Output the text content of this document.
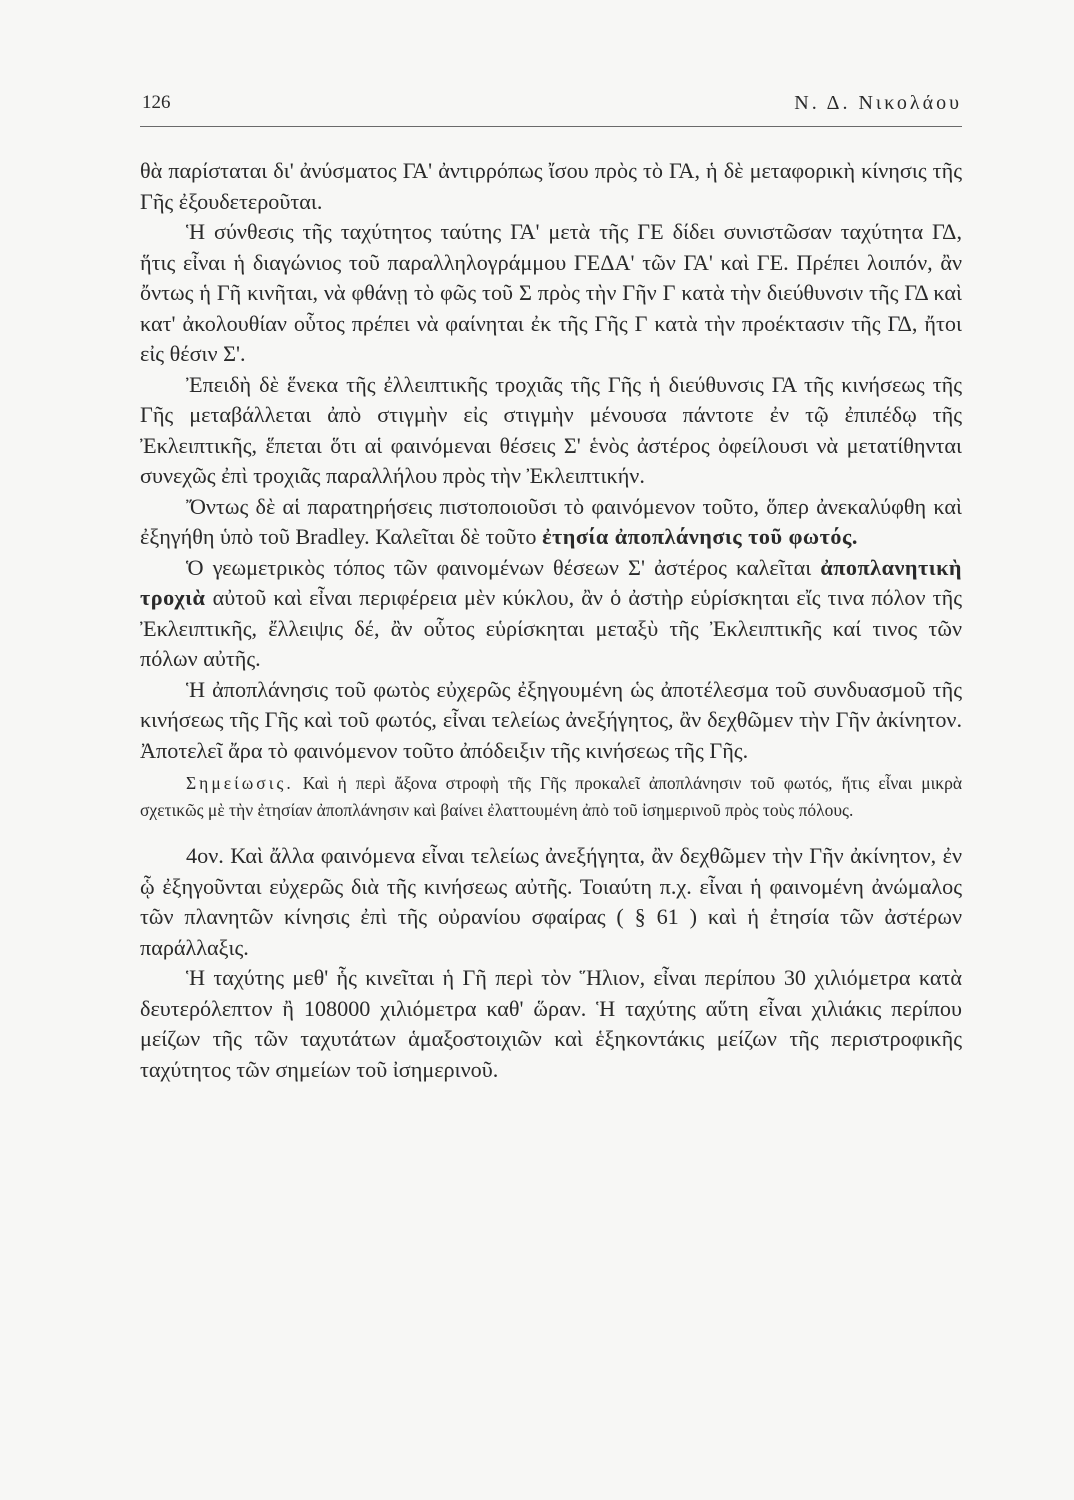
126	Ν. Δ. Νικολάου

θὰ παρίσταται δι' ἀνύσματος ΓΑ' ἀντιρρόπως ἴσου πρὸς τὸ ΓΑ, ἡ δὲ μεταφορικὴ κίνησις τῆς Γῆς ἐξουδετεροῦται.

Ἡ σύνθεσις τῆς ταχύτητος ταύτης ΓΑ' μετὰ τῆς ΓΕ δίδει συνιστῶσαν ταχύτητα ΓΔ, ἥτις εἶναι ἡ διαγώνιος τοῦ παραλληλογράμμου ΓΕΔΑ' τῶν ΓΑ' καὶ ΓΕ. Πρέπει λοιπόν, ἂν ὄντως ἡ Γῆ κινῆται, νὰ φθάνῃ τὸ φῶς τοῦ Σ πρὸς τὴν Γῆν Γ κατὰ τὴν διεύθυνσιν τῆς ΓΔ καὶ κατ' ἀκολουθίαν οὗτος πρέπει νὰ φαίνηται ἐκ τῆς Γῆς Γ κατὰ τὴν προέκτασιν τῆς ΓΔ, ἤτοι εἰς θέσιν Σ'.

Ἐπειδὴ δὲ ἕνεκα τῆς ἐλλειπτικῆς τροχιᾶς τῆς Γῆς ἡ διεύθυνσις ΓΑ τῆς κινήσεως τῆς Γῆς μεταβάλλεται ἀπὸ στιγμὴν εἰς στιγμὴν μένουσα πάντοτε ἐν τῷ ἐπιπέδῳ τῆς Ἐκλειπτικῆς, ἕπεται ὅτι αἱ φαινόμεναι θέσεις Σ' ἑνὸς ἀστέρος ὀφείλουσι νὰ μετατίθηνται συνεχῶς ἐπὶ τροχιᾶς παραλλήλου πρὸς τὴν Ἐκλειπτικήν.

Ὄντως δὲ αἱ παρατηρήσεις πιστοποιοῦσι τὸ φαινόμενον τοῦτο, ὅπερ ἀνεκαλύφθη καὶ ἐξηγήθη ὑπὸ τοῦ Bradley. Καλεῖται δὲ τοῦτο ἐτησία ἀποπλάνησις τοῦ φωτός.

Ὁ γεωμετρικὸς τόπος τῶν φαινομένων θέσεων Σ' ἀστέρος καλεῖται ἀποπλανητικὴ τροχιὰ αὐτοῦ καὶ εἶναι περιφέρεια μὲν κύκλου, ἂν ὁ ἀστὴρ εὑρίσκηται εἴς τινα πόλον τῆς Ἐκλειπτικῆς, ἔλλειψις δέ, ἂν οὗτος εὑρίσκηται μεταξὺ τῆς Ἐκλειπτικῆς καί τινος τῶν πόλων αὐτῆς.

Ἡ ἀποπλάνησις τοῦ φωτὸς εὐχερῶς ἐξηγουμένη ὡς ἀποτέλεσμα τοῦ συνδυασμοῦ τῆς κινήσεως τῆς Γῆς καὶ τοῦ φωτός, εἶναι τελείως ἀνεξήγητος, ἂν δεχθῶμεν τὴν Γῆν ἀκίνητον. Ἀποτελεῖ ἄρα τὸ φαινόμενον τοῦτο ἀπόδειξιν τῆς κινήσεως τῆς Γῆς.

Σημείωσις. Καὶ ἡ περὶ ἄξονα στροφὴ τῆς Γῆς προκαλεῖ ἀποπλάνησιν τοῦ φωτός, ἥτις εἶναι μικρὰ σχετικῶς μὲ τὴν ἐτησίαν ἀποπλάνησιν καὶ βαίνει ἐλαττουμένη ἀπὸ τοῦ ἰσημερινοῦ πρὸς τοὺς πόλους.

4ον. Καὶ ἄλλα φαινόμενα εἶναι τελείως ἀνεξήγητα, ἂν δεχθῶμεν τὴν Γῆν ἀκίνητον, ἐν ᾧ ἐξηγοῦνται εὐχερῶς διὰ τῆς κινήσεως αὐτῆς. Τοιαύτη π.χ. εἶναι ἡ φαινομένη ἀνώμαλος τῶν πλανητῶν κίνησις ἐπὶ τῆς οὐρανίου σφαίρας ( § 61 ) καὶ ἡ ἐτησία τῶν ἀστέρων παράλλαξις.

Ἡ ταχύτης μεθ' ἧς κινεῖται ἡ Γῆ περὶ τὸν Ἥλιον, εἶναι περίπου 30 χιλιόμετρα κατὰ δευτερόλεπτον ἢ 108000 χιλιόμετρα καθ' ὥραν. Ἡ ταχύτης αὕτη εἶναι χιλιάκις περίπου μείζων τῆς τῶν ταχυτάτων ἁμαξοστοιχιῶν καὶ ἑξηκοντάκις μείζων τῆς περιστροφικῆς ταχύτητος τῶν σημείων τοῦ ἰσημερινοῦ.
